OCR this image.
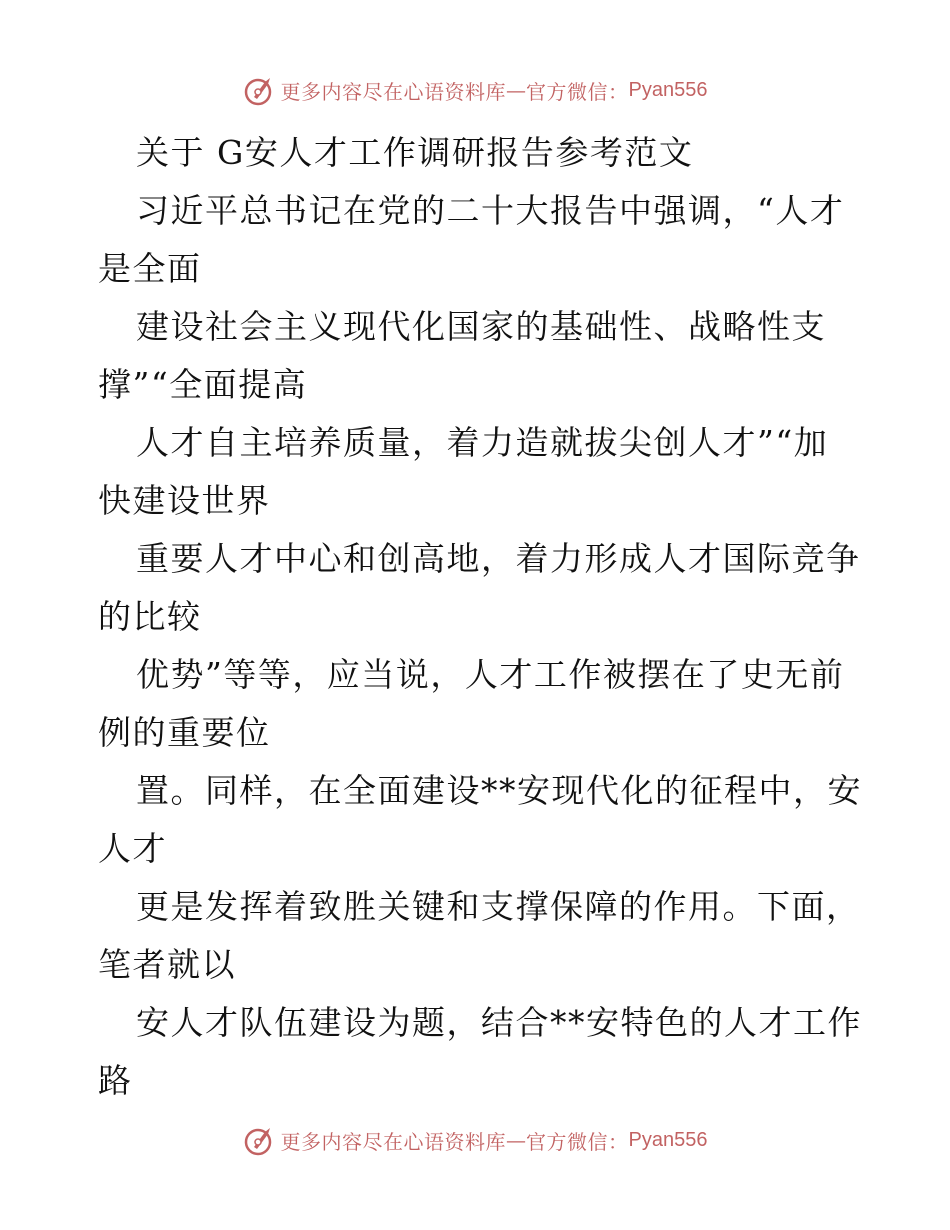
更多内容尽在心语资料库 — 官方微信： Pyan556
关于 G安人才工作调研报告参考范文
习近平总书记在党的二十大报告中强调，“人才
是全面
建设社会主义现代化国家的基础性、战略性支
撑”“全面提高
人才自主培养质量，着力造就拔尖创人才”“加
快建设世界
重要人才中心和创高地，着力形成人才国际竞争
的比较
优势”等等，应当说，人才工作被摆在了史无前
例的重要位
置。同样，在全面建设**安现代化的征程中，安
人才
更是发挥着致胜关键和支撑保障的作用。下面，
笔者就以
安人才队伍建设为题，结合**安特色的人才工作
路
更多内容尽在心语资料库 — 官方微信： Pyan556
